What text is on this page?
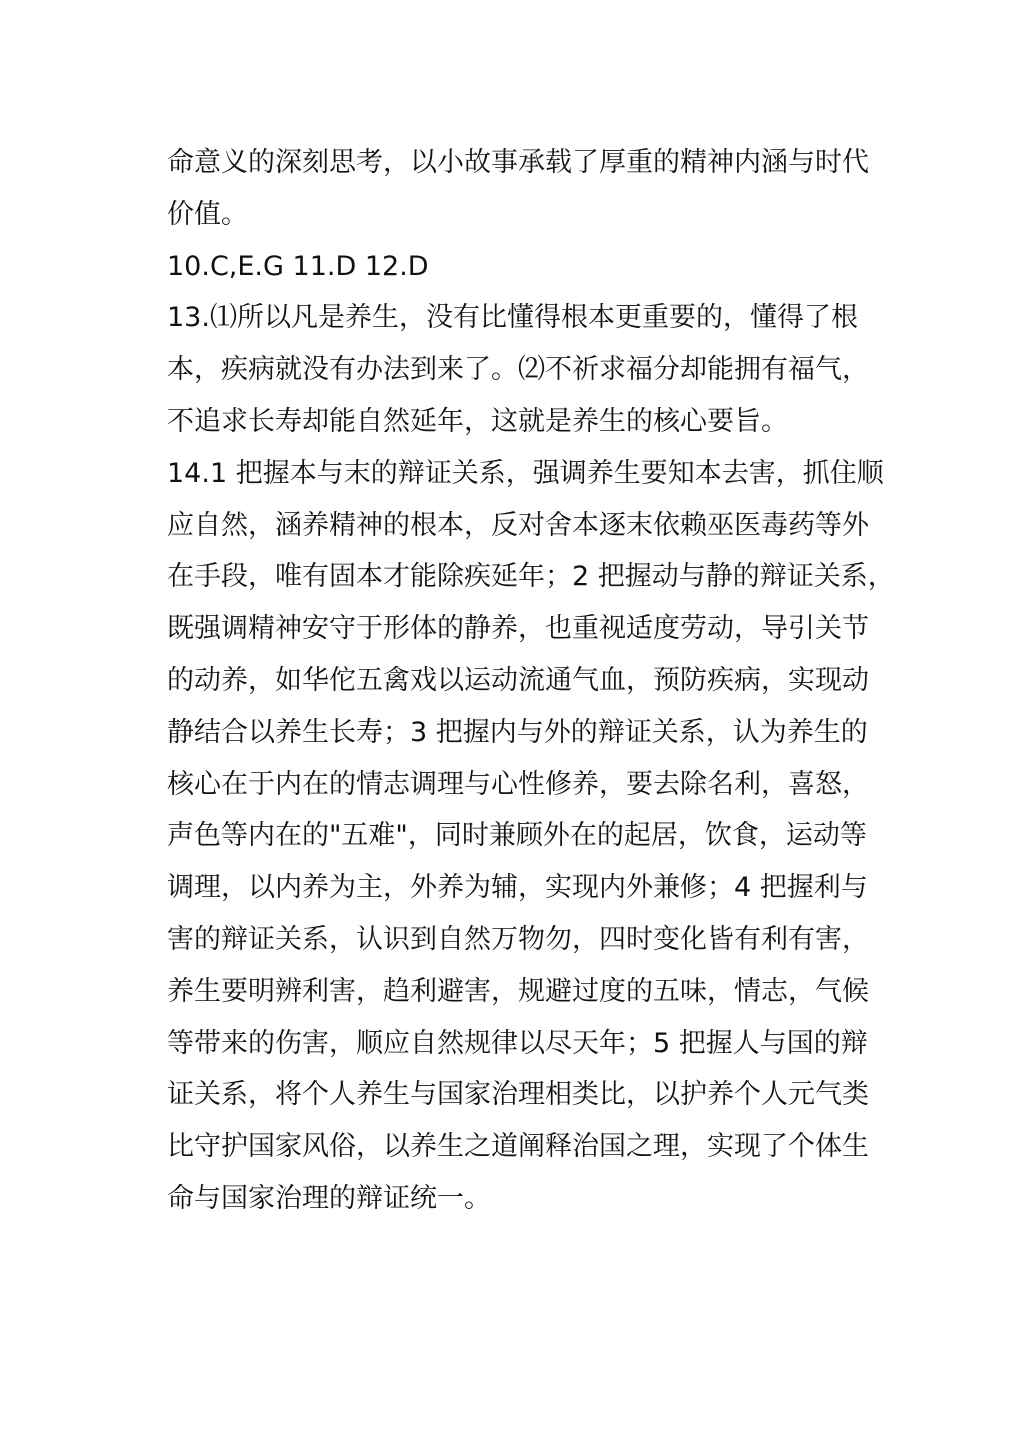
命意义的深刻思考，以小故事承载了厚重的精神内涵与时代
价值。
10.C,E.G 11.D 12.D
13.⑴所以凡是养生，没有比懂得根本更重要的，懂得了根
本，疾病就没有办法到来了。⑵不祈求福分却能拥有福气，
不追求长寿却能自然延年，这就是养生的核心要旨。
14.1 把握本与末的辩证关系，强调养生要知本去害，抓住顺
应自然，涵养精神的根本，反对舍本逐末依赖巫医毒药等外
在手段，唯有固本才能除疾延年；2 把握动与静的辩证关系，
既强调精神安守于形体的静养，也重视适度劳动，导引关节
的动养，如华佗五禽戏以运动流通气血，预防疾病，实现动
静结合以养生长寿；3 把握内与外的辩证关系，认为养生的
核心在于内在的情志调理与心性修养，要去除名利，喜怒，
声色等内在的"五难"，同时兼顾外在的起居，饮食，运动等
调理，以内养为主，外养为辅，实现内外兼修；4 把握利与
害的辩证关系，认识到自然万物勿，四时变化皆有利有害，
养生要明辨利害，趋利避害，规避过度的五味，情志，气候
等带来的伤害，顺应自然规律以尽天年；5 把握人与国的辩
证关系，将个人养生与国家治理相类比，以护养个人元气类
比守护国家风俗，以养生之道阐释治国之理，实现了个体生
命与国家治理的辩证统一。
